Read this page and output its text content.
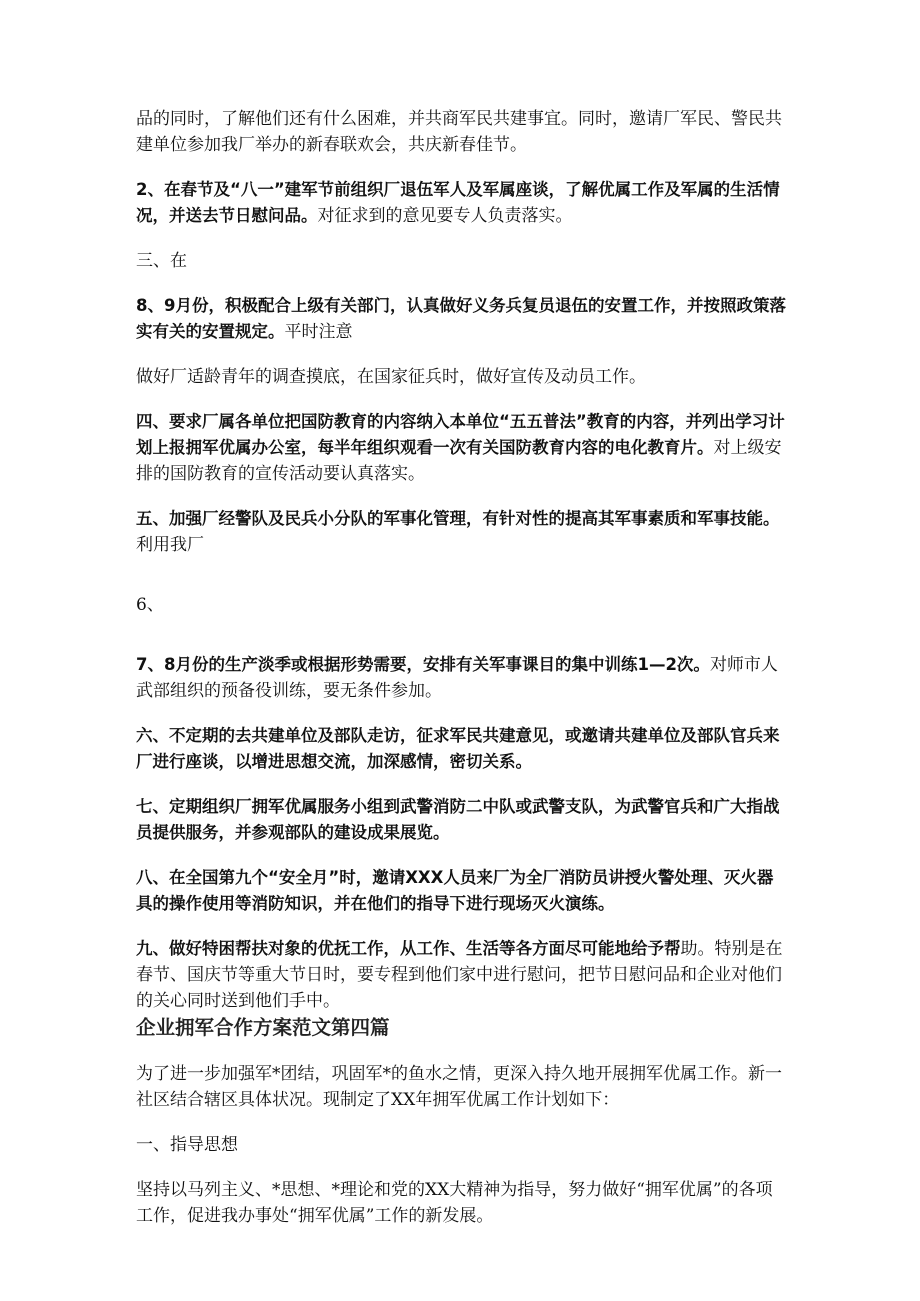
品的同时，了解他们还有什么困难，并共商军民共建事宜。同时，邀请厂军民、警民共建单位参加我厂举办的新春联欢会，共庆新春佳节。

2、在春节及“八一”建军节前组织厂退伍军人及军属座谈，了解优属工作及军属的生活情况，并送去节日慰问品。对征求到的意见要专人负责落实。

三、在

8、9月份，积极配合上级有关部门，认真做好义务兵复员退伍的安置工作，并按照政策落实有关的安置规定。平时注意

做好厂适龄青年的调查摸底，在国家征兵时，做好宣传及动员工作。

四、要求厂属各单位把国防教育的内容纳入本单位“五五普法”教育的内容，并列出学习计划上报拥军优属办公室，每半年组织观看一次有关国防教育内容的电化教育片。对上级安排的国防教育的宣传活动要认真落实。

五、加强厂经警队及民兵小分队的军事化管理，有针对性的提高其军事素质和军事技能。利用我厂

6、

7、8月份的生产淡季或根据形势需要，安排有关军事课目的集中训练1—2次。对师市人武部组织的预备役训练，要无条件参加。

六、不定期的去共建单位及部队走访，征求军民共建意见，或邀请共建单位及部队官兵来厂进行座谈，以增进思想交流，加深感情，密切关系。

七、定期组织厂拥军优属服务小组到武警消防二中队或武警支队，为武警官兵和广大指战员提供服务，并参观部队的建设成果展览。

八、在全国第九个“安全月”时，邀请XXX人员来厂为全厂消防员讲授火警处理、灭火器具的操作使用等消防知识，并在他们的指导下进行现场灭火演练。

九、做好特困帮扶对象的优抚工作，从工作、生活等各方面尽可能地给予帮助。特别是在春节、国庆节等重大节日时，要专程到他们家中进行慰问，把节日慰问品和企业对他们的关心同时送到他们手中。

企业拥军合作方案范文第四篇

为了进一步加强军*团结，巩固军*的鱼水之情，更深入持久地开展拥军优属工作。新一社区结合辖区具体状况。现制定了XX年拥军优属工作计划如下：

一、指导思想

坚持以马列主义、*思想、*理论和党的XX大精神为指导，努力做好“拥军优属”的各项工作，促进我办事处“拥军优属”工作的新发展。
